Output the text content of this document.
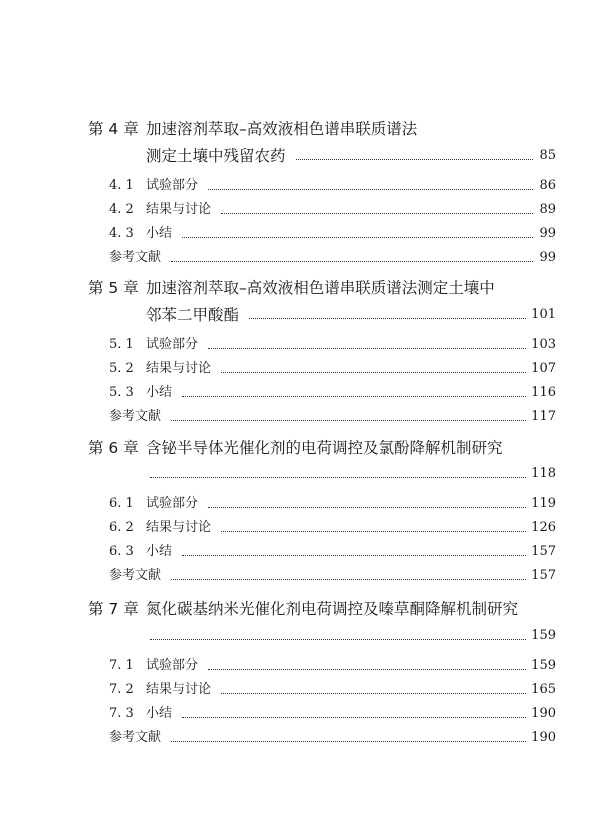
第 4 章 加速溶剂萃取–高效液相色谱串联质谱法
测定土壤中残留农药	85
4. 1 试验部分	86
4. 2 结果与讨论	89
4. 3 小结	99
参考文献	99
第 5 章 加速溶剂萃取–高效液相色谱串联质谱法测定土壤中
邻苯二甲酸酯	101
5. 1 试验部分	103
5. 2 结果与讨论	107
5. 3 小结	116
参考文献	117
第 6 章 含铋半导体光催化剂的电荷调控及氯酚降解机制研究
118
6. 1 试验部分	119
6. 2 结果与讨论	126
6. 3 小结	157
参考文献	157
第 7 章 氮化碳基纳米光催化剂电荷调控及嗪草酮降解机制研究
159
7. 1 试验部分	159
7. 2 结果与讨论	165
7. 3 小结	190
参考文献	190
